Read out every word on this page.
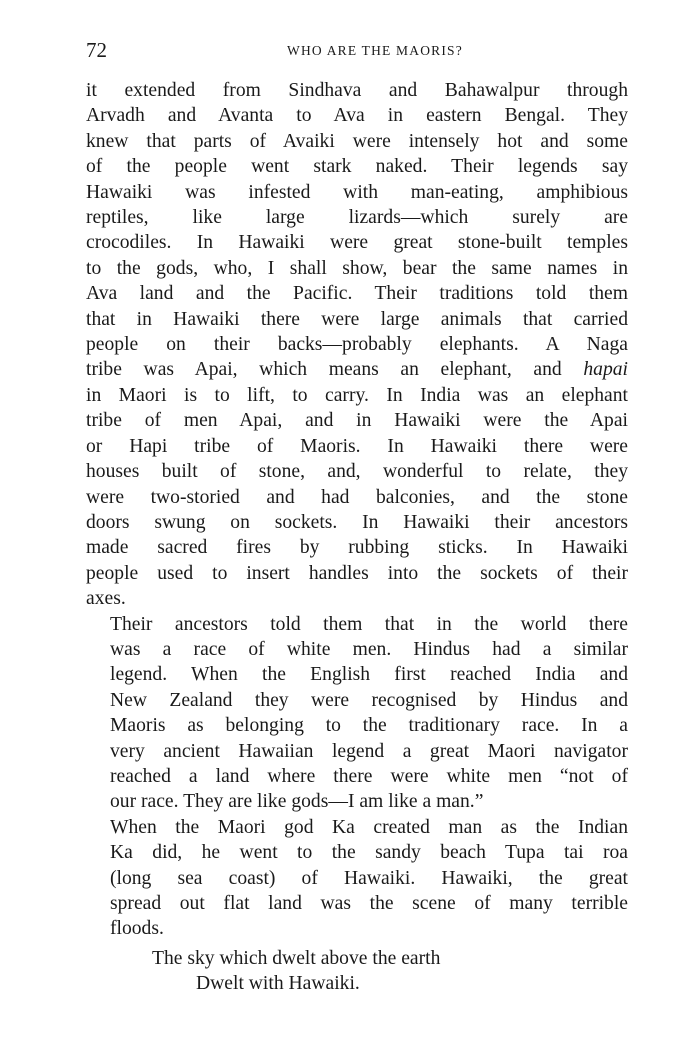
72	WHO ARE THE MAORIS?

it extended from Sindhava and Bahawalpur through
Arvadh and Avanta to Ava in eastern Bengal. They
knew that parts of Avaiki were intensely hot and some
of the people went stark naked. Their legends say
Hawaiki was infested with man-eating, amphibious
reptiles, like large lizards—which surely are
crocodiles. In Hawaiki were great stone-built temples
to the gods, who, I shall show, bear the same names in
Ava land and the Pacific. Their traditions told them
that in Hawaiki there were large animals that carried
people on their backs—probably elephants. A Naga
tribe was Apai, which means an elephant, and hapai
in Maori is to lift, to carry. In India was an elephant
tribe of men Apai, and in Hawaiki were the Apai
or Hapi tribe of Maoris. In Hawaiki there were
houses built of stone, and, wonderful to relate, they
were two-storied and had balconies, and the stone
doors swung on sockets. In Hawaiki their ancestors
made sacred fires by rubbing sticks. In Hawaiki
people used to insert handles into the sockets of their
axes.

Their ancestors told them that in the world there
was a race of white men. Hindus had a similar
legend. When the English first reached India and
New Zealand they were recognised by Hindus and
Maoris as belonging to the traditionary race. In a
very ancient Hawaiian legend a great Maori navigator
reached a land where there were white men “not of
our race. They are like gods—I am like a man.”

When the Maori god Ka created man as the Indian
Ka did, he went to the sandy beach Tupa tai roa
(long sea coast) of Hawaiki. Hawaiki, the great
spread out flat land was the scene of many terrible
floods.

The sky which dwelt above the earth
Dwelt with Hawaiki.
